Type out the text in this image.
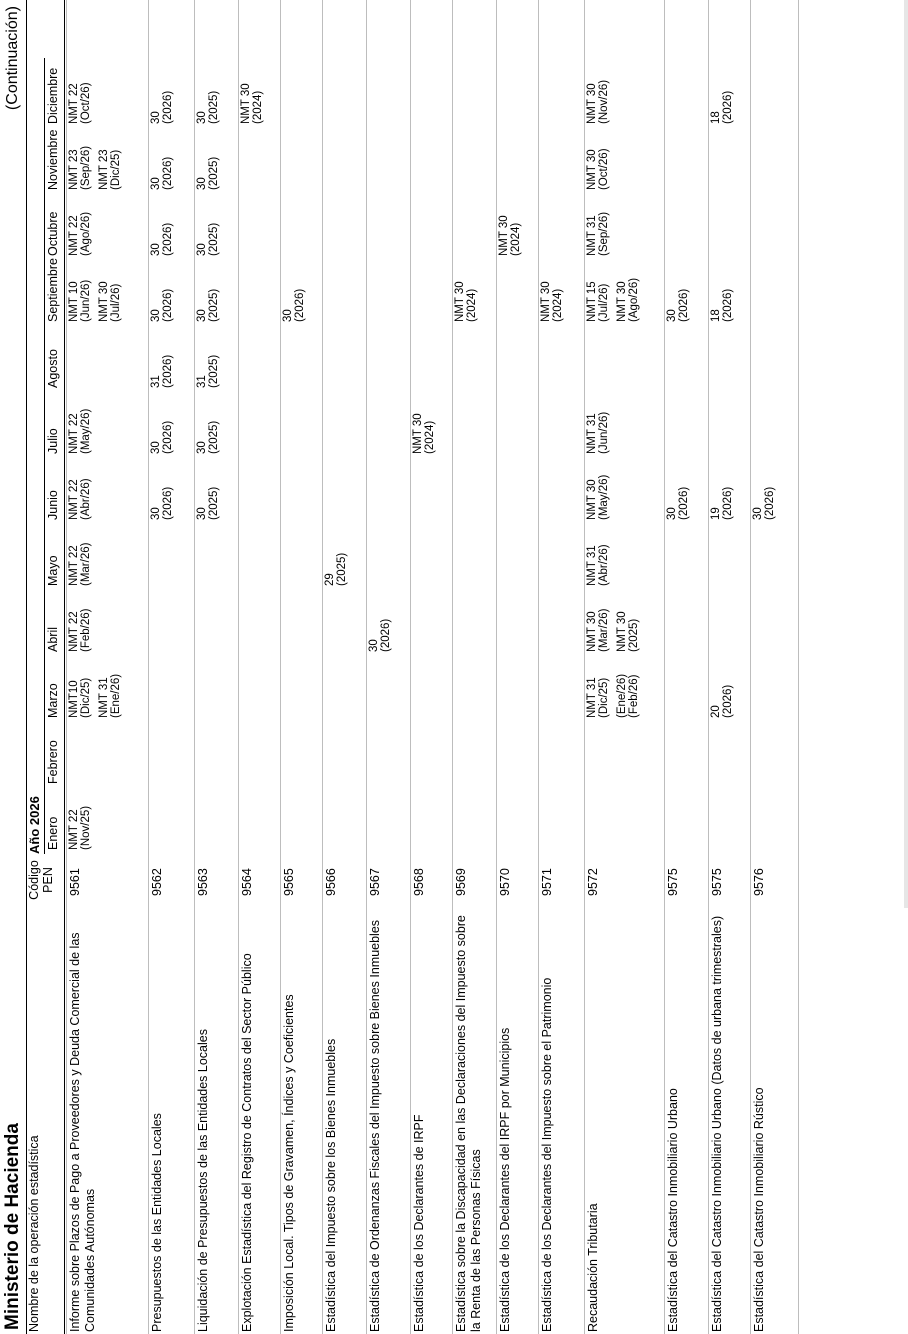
Ministerio de Hacienda
(Continuación)
Nombre de la operación estadística
Código
PEN
Año 2026 Enero
Febrero
Marzo
Abril
Mayo
Junio
Julio
Agosto
Septiembre
Octubre
Noviembre
Diciembre
Informe sobre Plazos de Pago a Proveedores y Deuda Comercial de las Comunidades Autónomas
9561
NMT 22 (Nov/25)
NMT10 (Dic/25) NMT 31 (Ene/26)
NMT 22 (Feb/26)
NMT 22 (Mar/26)
NMT 22 (Abr/26)
NMT 22 (May/26)
NMT 10 (Jun/26) NMT 30 (Jul/26)
NMT 22 (Ago/26)
NMT 23 (Sep/26) NMT 23 (Dic/25)
NMT 22 (Oct/26)
Presupuestos de las Entidades Locales
9562
30 (2026)
30 (2026)
31 (2026)
30 (2026)
30 (2026)
30 (2026)
30 (2026)
Liquidación de Presupuestos de las Entidades Locales
9563
30 (2025)
30 (2025)
31 (2025)
30 (2025)
30 (2025)
30 (2025)
30 (2025)
Explotación Estadística del Registro de Contratos del Sector Público
9564
NMT 30 (2024)
Imposición Local. Tipos de Gravamen, Índices y Coeficientes
9565
30 (2026)
Estadística del Impuesto sobre los Bienes Inmuebles
9566
29 (2025)
Estadística de Ordenanzas Fiscales del Impuesto sobre Bienes Inmuebles
9567
30 (2026)
Estadística de los Declarantes de IRPF
9568
NMT 30 (2024)
Estadística sobre la Discapacidad en las Declaraciones del Impuesto sobre la Renta de las Personas Físicas
9569
NMT 30 (2024)
Estadística de los Declarantes del IRPF por Municipios
9570
NMT 30 (2024)
Estadística de los Declarantes del Impuesto sobre el Patrimonio
9571
NMT 30 (2024)
Recaudación Tributaria
9572
NMT 31 (Dic/25) (Ene/26) (Feb/26)
NMT 30 (Mar/26) NMT 30 (2025)
NMT 31 (Abr/26)
NMT 30 (May/26)
NMT 31 (Jun/26)
NMT 15 (Jul/26) NMT 30 (Ago/26)
NMT 31 (Sep/26)
NMT 30 (Oct/26)
NMT 30 (Nov/26)
Estadística del Catastro Inmobiliario Urbano
9575
30 (2026)
30 (2026)
Estadística del Catastro Inmobiliario Urbano (Datos de urbana trimestrales)
9575
20 (2026)
19 (2026)
18 (2026)
18 (2026)
Estadística del Catastro Inmobiliario Rústico
9576
30 (2026)
